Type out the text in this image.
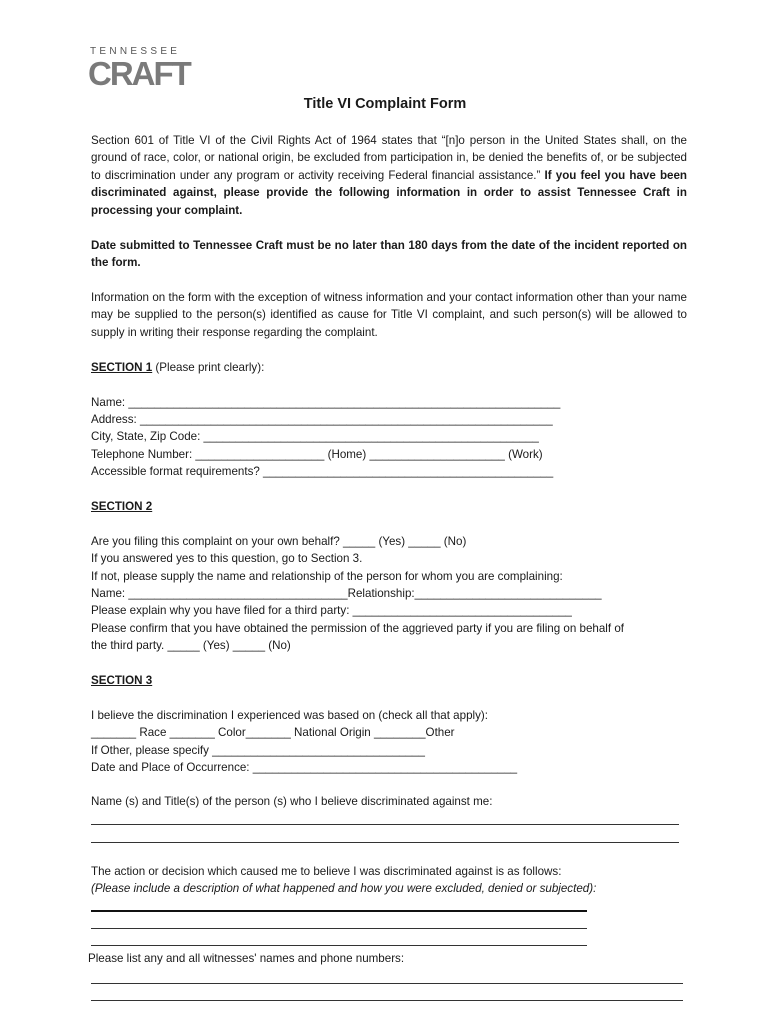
TENNESSEE
CRAFT
Title VI Complaint Form
Section 601 of Title VI of the Civil Rights Act of 1964 states that “[n]o person in the United States shall, on the ground of race, color, or national origin, be excluded from participation in, be denied the benefits of, or be subjected to discrimination under any program or activity receiving Federal financial assistance.” If you feel you have been discriminated against, please provide the following information in order to assist Tennessee Craft in processing your complaint.
Date submitted to Tennessee Craft must be no later than 180 days from the date of the incident reported on the form.
Information on the form with the exception of witness information and your contact information other than your name may be supplied to the person(s) identified as cause for Title VI complaint, and such person(s) will be allowed to supply in writing their response regarding the complaint.
SECTION 1 (Please print clearly):
Name: ___________________________________________________________________
Address: ________________________________________________________________
City, State, Zip Code: ____________________________________________________
Telephone Number: ____________________ (Home) _____________________ (Work)
Accessible format requirements? _____________________________________________
SECTION 2
Are you filing this complaint on your own behalf? _____ (Yes) _____ (No)
If you answered yes to this question, go to Section 3.
If not, please supply the name and relationship of the person for whom you are complaining:
Name: __________________________________Relationship:_____________________________
Please explain why you have filed for a third party: __________________________________
Please confirm that you have obtained the permission of the aggrieved party if you are filing on behalf of
the third party. _____ (Yes) _____ (No)
SECTION 3
I believe the discrimination I experienced was based on (check all that apply):
_______ Race _______ Color_______ National Origin ________Other
If Other, please specify _________________________________
Date and Place of Occurrence: _________________________________________
Name (s) and Title(s) of the person (s) who I believe discriminated against me:
The action or decision which caused me to believe I was discriminated against is as follows:
(Please include a description of what happened and how you were excluded, denied or subjected):
Please list any and all witnesses' names and phone numbers:
